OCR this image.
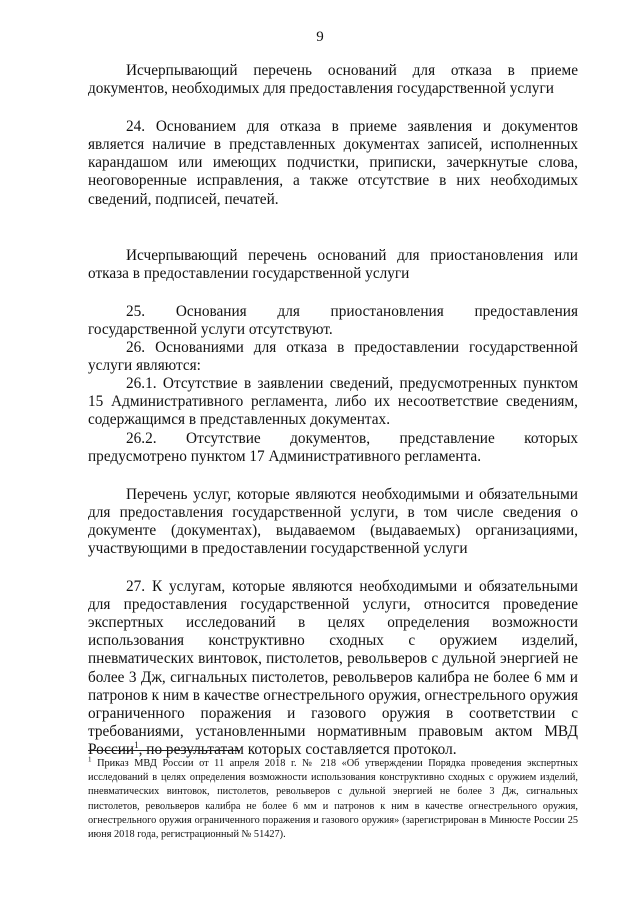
9

Исчерпывающий перечень оснований для отказа в приеме документов, необходимых для предоставления государственной услуги

24. Основанием для отказа в приеме заявления и документов является наличие в представленных документах записей, исполненных карандашом или имеющих подчистки, приписки, зачеркнутые слова, неоговоренные исправления, а также отсутствие в них необходимых сведений, подписей, печатей.

Исчерпывающий перечень оснований для приостановления или отказа в предоставлении государственной услуги

25. Основания для приостановления предоставления государственной услуги отсутствуют.

26. Основаниями для отказа в предоставлении государственной услуги являются:

26.1. Отсутствие в заявлении сведений, предусмотренных пунктом 15 Административного регламента, либо их несоответствие сведениям, содержащимся в представленных документах.

26.2. Отсутствие документов, представление которых предусмотрено пунктом 17 Административного регламента.

Перечень услуг, которые являются необходимыми и обязательными для предоставления государственной услуги, в том числе сведения о документе (документах), выдаваемом (выдаваемых) организациями, участвующими в предоставлении государственной услуги

27. К услугам, которые являются необходимыми и обязательными для предоставления государственной услуги, относится проведение экспертных исследований в целях определения возможности использования конструктивно сходных с оружием изделий, пневматических винтовок, пистолетов, револьверов с дульной энергией не более 3 Дж, сигнальных пистолетов, револьверов калибра не более 6 мм и патронов к ним в качестве огнестрельного оружия, огнестрельного оружия ограниченного поражения и газового оружия в соответствии с требованиями, установленными нормативным правовым актом МВД России$^1$, по результатам которых составляется протокол.

$^1$ Приказ МВД России от 11 апреля 2018 г. № 218 «Об утверждении Порядка проведения экспертных исследований в целях определения возможности использования конструктивно сходных с оружием изделий, пневматических винтовок, пистолетов, револьверов с дульной энергией не более 3 Дж, сигнальных пистолетов, револьверов калибра не более 6 мм и патронов к ним в качестве огнестрельного оружия, огнестрельного оружия ограниченного поражения и газового оружия» (зарегистрирован в Минюсте России 25 июня 2018 года, регистрационный № 51427).
